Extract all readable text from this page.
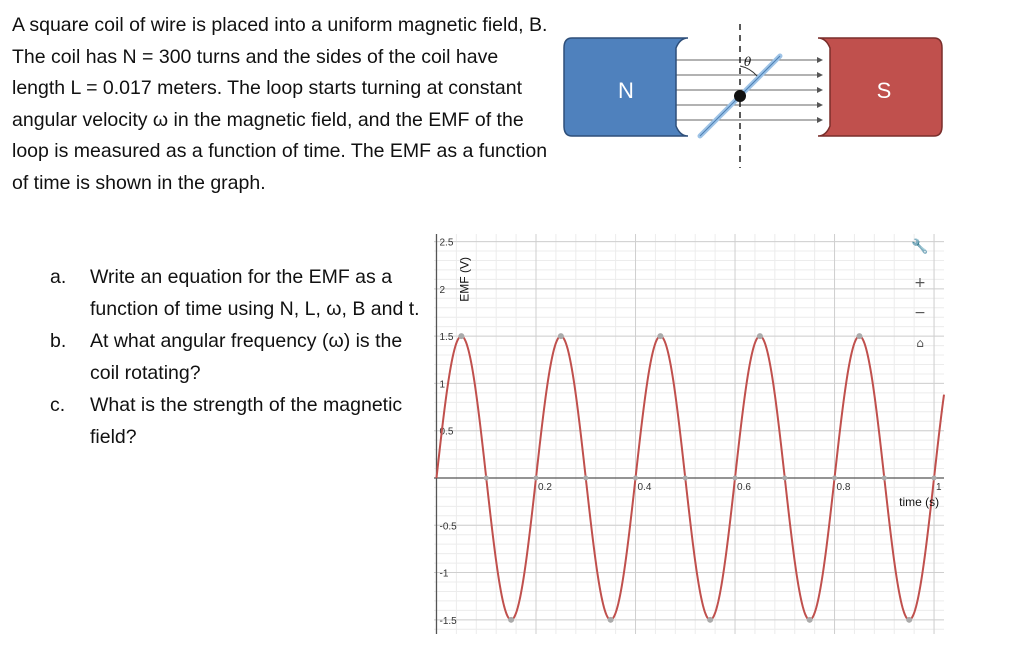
A square coil of wire is placed into a uniform magnetic field, B. The coil has N = 300 turns and the sides of the coil have length L = 0.017 meters. The loop starts turning at constant angular velocity ω in the magnetic field, and the EMF of the loop is measured as a function of time. The EMF as a function of time is shown in the graph.
a.	Write an equation for the EMF as a function of time using N, L, ω, B and t.
b.	At what angular frequency (ω) is the coil rotating?
c.	What is the strength of the magnetic field?
N	S
θ
0.2	0.4	0.6	0.8	1
2.5
2
1.5
1
0.5
-0.5
-1
-1.5
EMF (V)
time (s)
🔧
+
−
⌂
